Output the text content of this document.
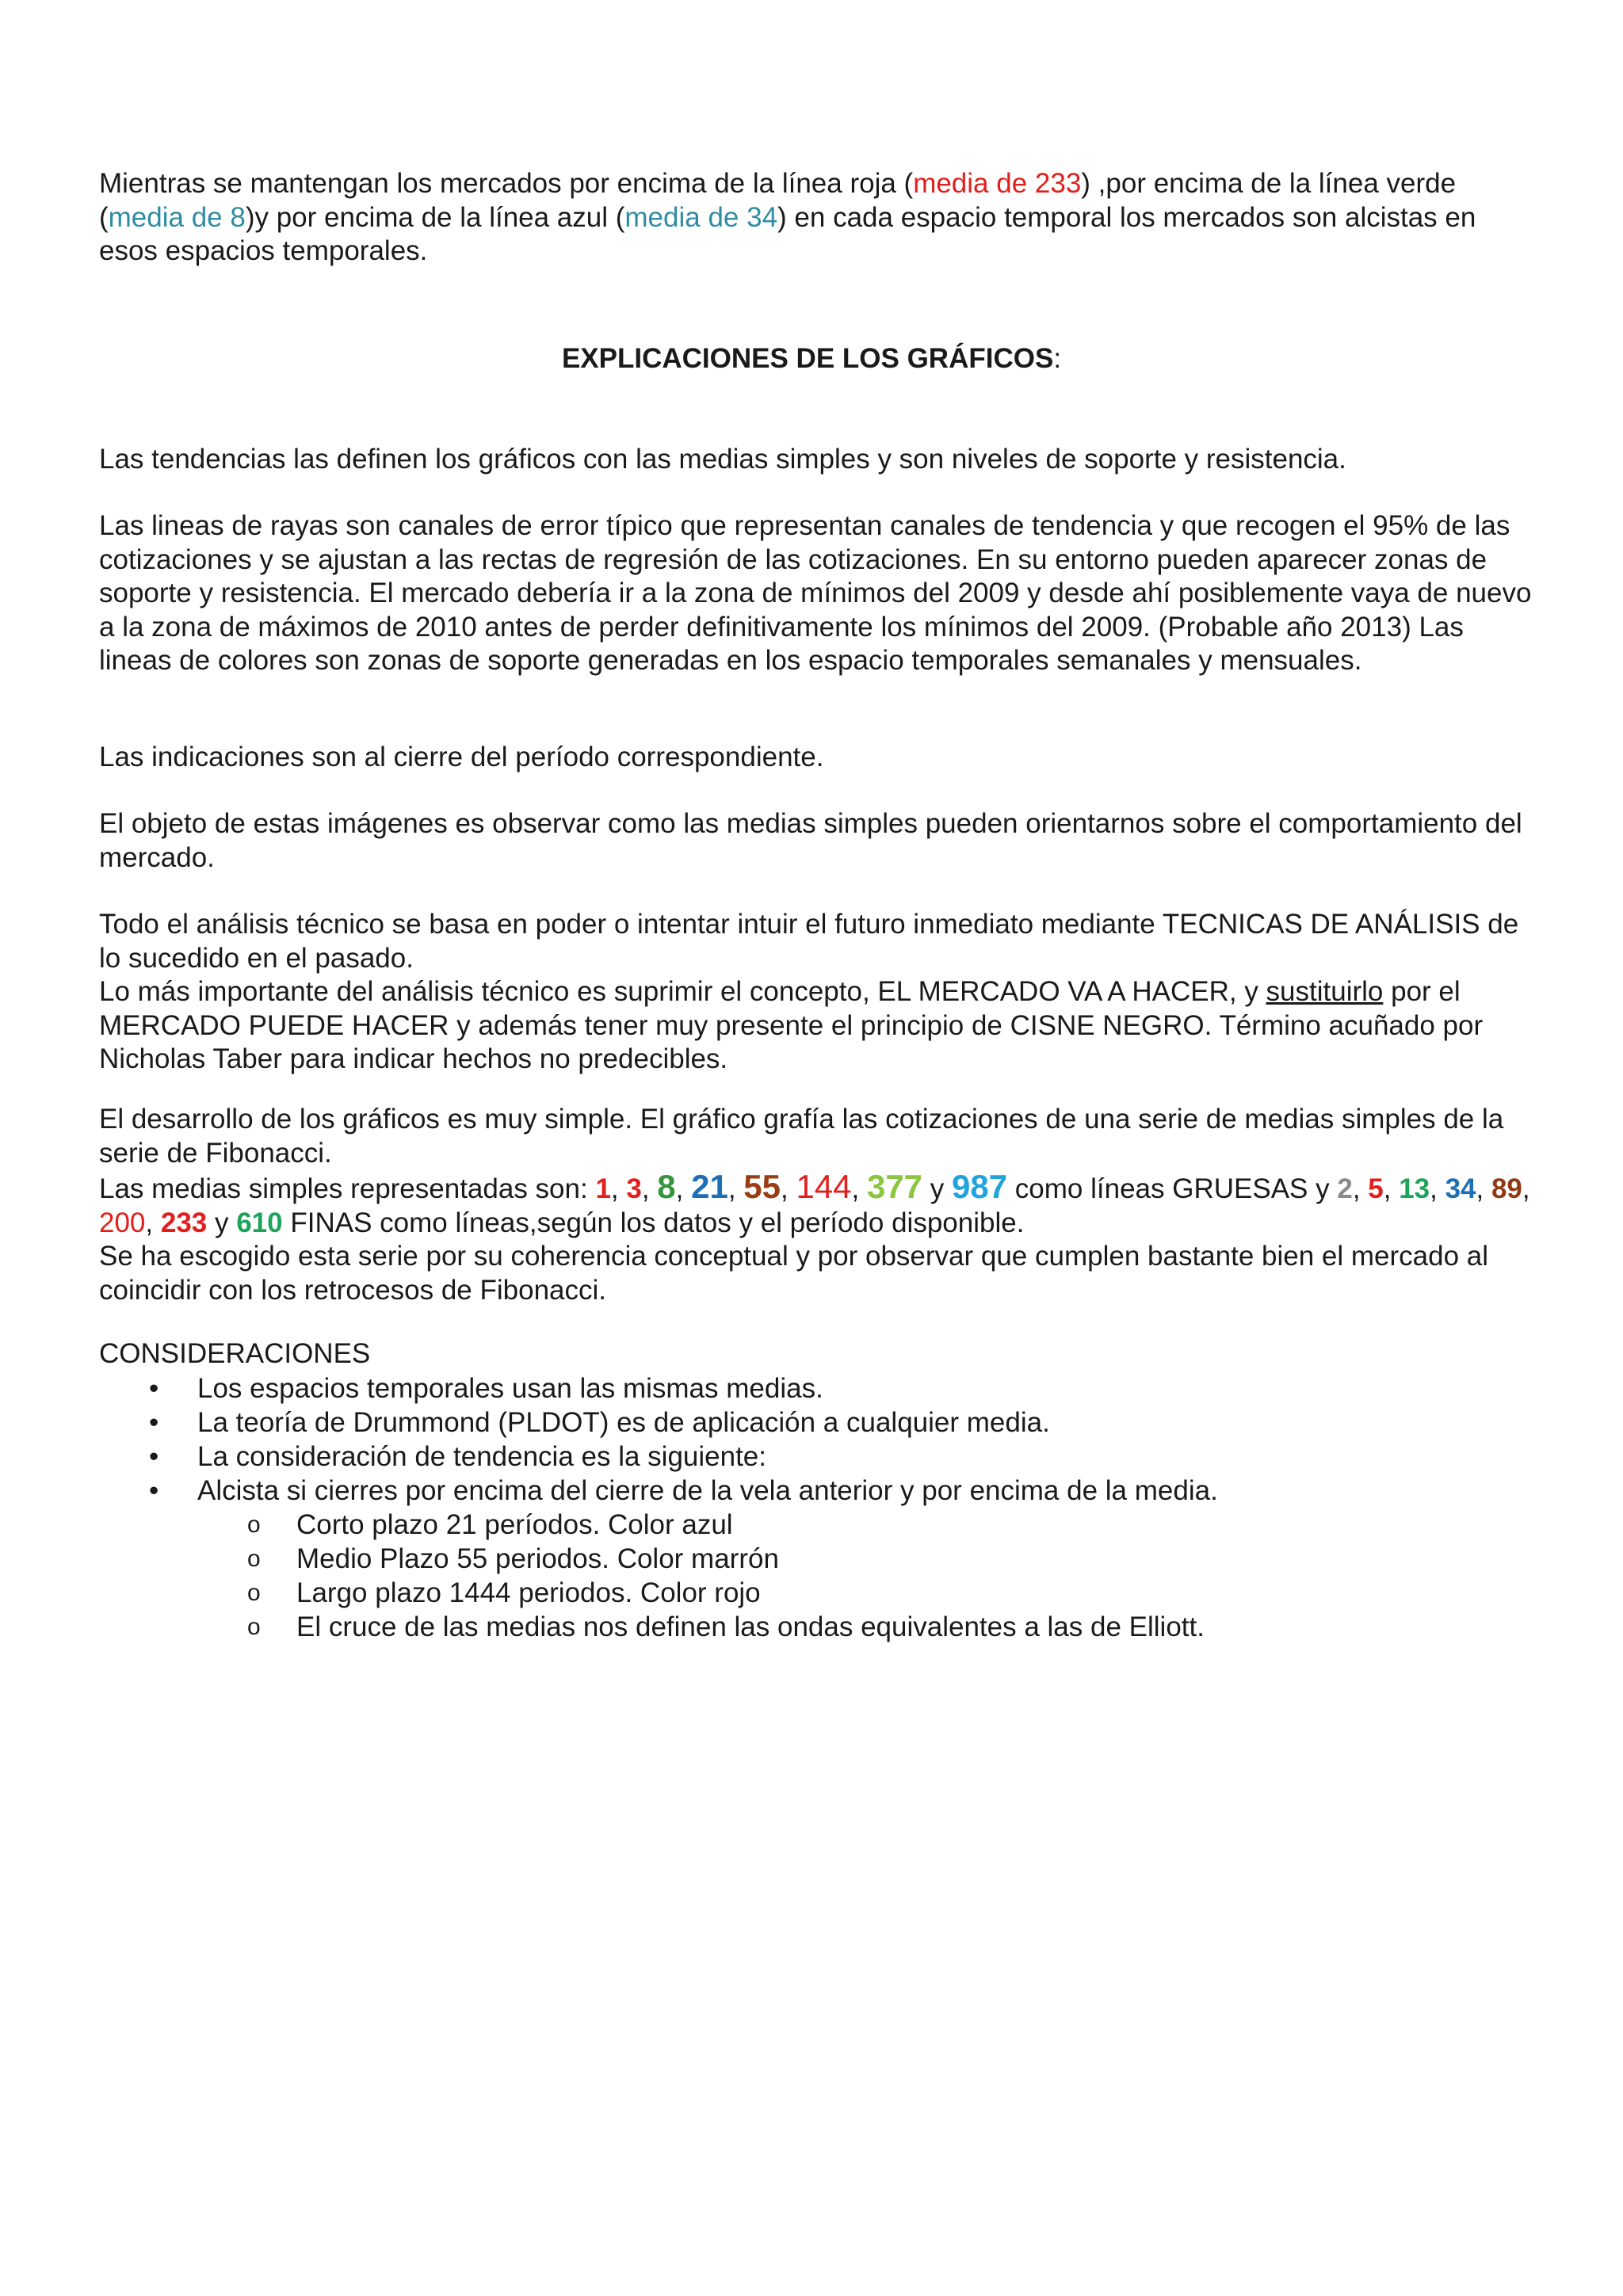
Mientras se mantengan los mercados por encima de la línea roja (media de 233) ,por encima de la línea verde (media de 8)y por encima de la línea azul (media de 34) en cada espacio temporal los mercados son alcistas en esos espacios temporales.

EXPLICACIONES DE LOS GRÁFICOS:

Las tendencias las definen los gráficos con las medias simples y son niveles de soporte y resistencia.

Las lineas de rayas son canales de error típico que representan canales de tendencia y que recogen el 95% de las cotizaciones y se ajustan a las rectas de regresión de las cotizaciones. En su entorno pueden aparecer zonas de soporte y resistencia. El mercado debería ir a la zona de mínimos del 2009 y desde ahí posiblemente vaya de nuevo a la zona de máximos de 2010 antes de perder definitivamente los mínimos del 2009. (Probable año 2013) Las lineas de colores son zonas de soporte generadas en los espacio temporales semanales y mensuales.

Las indicaciones son al cierre del período correspondiente.

El objeto de estas imágenes es observar como las medias simples pueden orientarnos sobre el comportamiento del mercado.

Todo el análisis técnico se basa en poder o intentar intuir el futuro inmediato mediante TECNICAS DE ANÁLISIS de lo sucedido en el pasado.
Lo más importante del análisis técnico es suprimir el concepto, EL MERCADO VA A HACER, y sustituirlo por el MERCADO PUEDE HACER y además tener muy presente el principio de CISNE NEGRO. Término acuñado por Nicholas Taber para indicar hechos no predecibles.

El desarrollo de los gráficos es muy simple. El gráfico grafía las cotizaciones de una serie de medias simples de la serie de Fibonacci.
Las medias simples representadas son: 1, 3, 8, 21, 55, 144, 377 y 987 como líneas GRUESAS y 2, 5, 13, 34, 89, 200, 233 y 610 FINAS como líneas,según los datos y el período disponible.
Se ha escogido esta serie por su coherencia conceptual y por observar que cumplen bastante bien el mercado al coincidir con los retrocesos de Fibonacci.

CONSIDERACIONES

• Los espacios temporales usan las mismas medias.
• La teoría de Drummond (PLDOT) es de aplicación a cualquier media.
• La consideración de tendencia es la siguiente:
• Alcista si cierres por encima del cierre de la vela anterior y por encima de la media.
o Corto plazo 21 períodos. Color azul
o Medio Plazo 55 periodos. Color marrón
o Largo plazo 1444 periodos. Color rojo
o El cruce de las medias nos definen las ondas equivalentes a las de Elliott.
